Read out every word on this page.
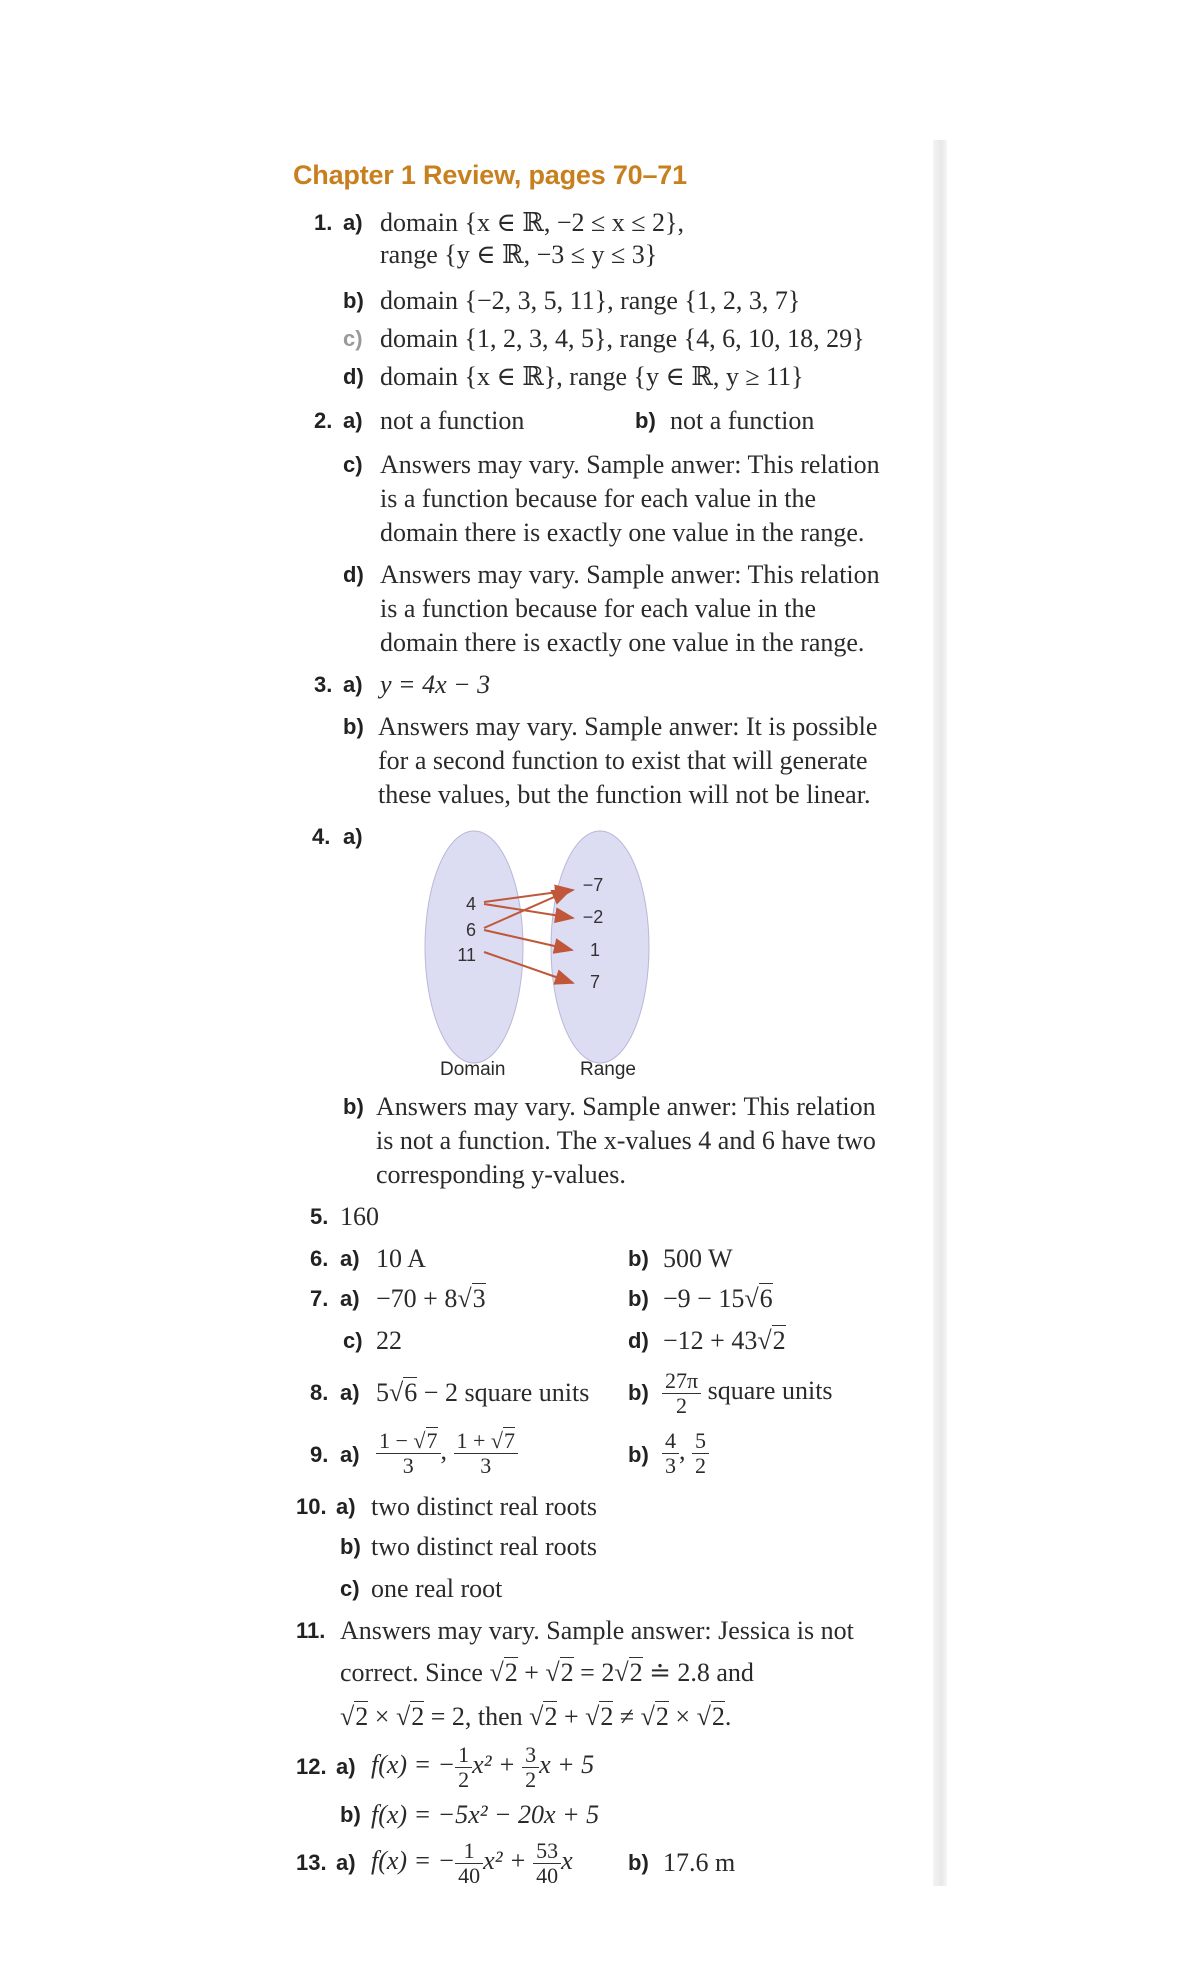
Chapter 1 Review, pages 70–71
1. a) domain {x ∈ ℝ, −2 ≤ x ≤ 2},
range {y ∈ ℝ, −3 ≤ y ≤ 3}
b) domain {−2, 3, 5, 11}, range {1, 2, 3, 7}
c) domain {1, 2, 3, 4, 5}, range {4, 6, 10, 18, 29}
d) domain {x ∈ ℝ}, range {y ∈ ℝ, y ≥ 11}
2. a) not a function	b) not a function
c) Answers may vary. Sample anwer: This relation
is a function because for each value in the
domain there is exactly one value in the range.
d) Answers may vary. Sample anwer: This relation
is a function because for each value in the
domain there is exactly one value in the range.
3. a) y = 4x − 3
b) Answers may vary. Sample anwer: It is possible
for a second function to exist that will generate
these values, but the function will not be linear.
4. a)
4
6
11
−7
−2
1
7
Domain	Range
b) Answers may vary. Sample anwer: This relation
is not a function. The x-values 4 and 6 have two
corresponding y-values.
5. 160
6. a) 10 A	b) 500 W
7. a) −70 + 8√3	b) −9 − 15√6
c) 22	d) −12 + 43√2
8. a) 5√6 − 2 square units $b) \frac{27\pi}{2}$ square units
9. $a) \frac{1 - √7}{3}$ , $\frac{1 + √7}{3}$	$b) \frac{4}{3}$ , $\frac{5}{2}$
10. a) two distinct real roots
b) two distinct real roots
c) one real root
11. Answers may vary. Sample answer: Jessica is not
correct. Since √2 + √2 = 2√2 ≐ 2.8 and
√2 × √2 = 2, then √2 + √2 ≠ √2 × √2.
12. a) f(x) = − $\frac{1}{2} x^2 + \frac{3}{2}$ x + 5
b) f(x) = −5x² − 20x + 5
13. a) f(x) = − $\frac{1}{40} x^2 + \frac{53}{40}$ x	b) 17.6 m
